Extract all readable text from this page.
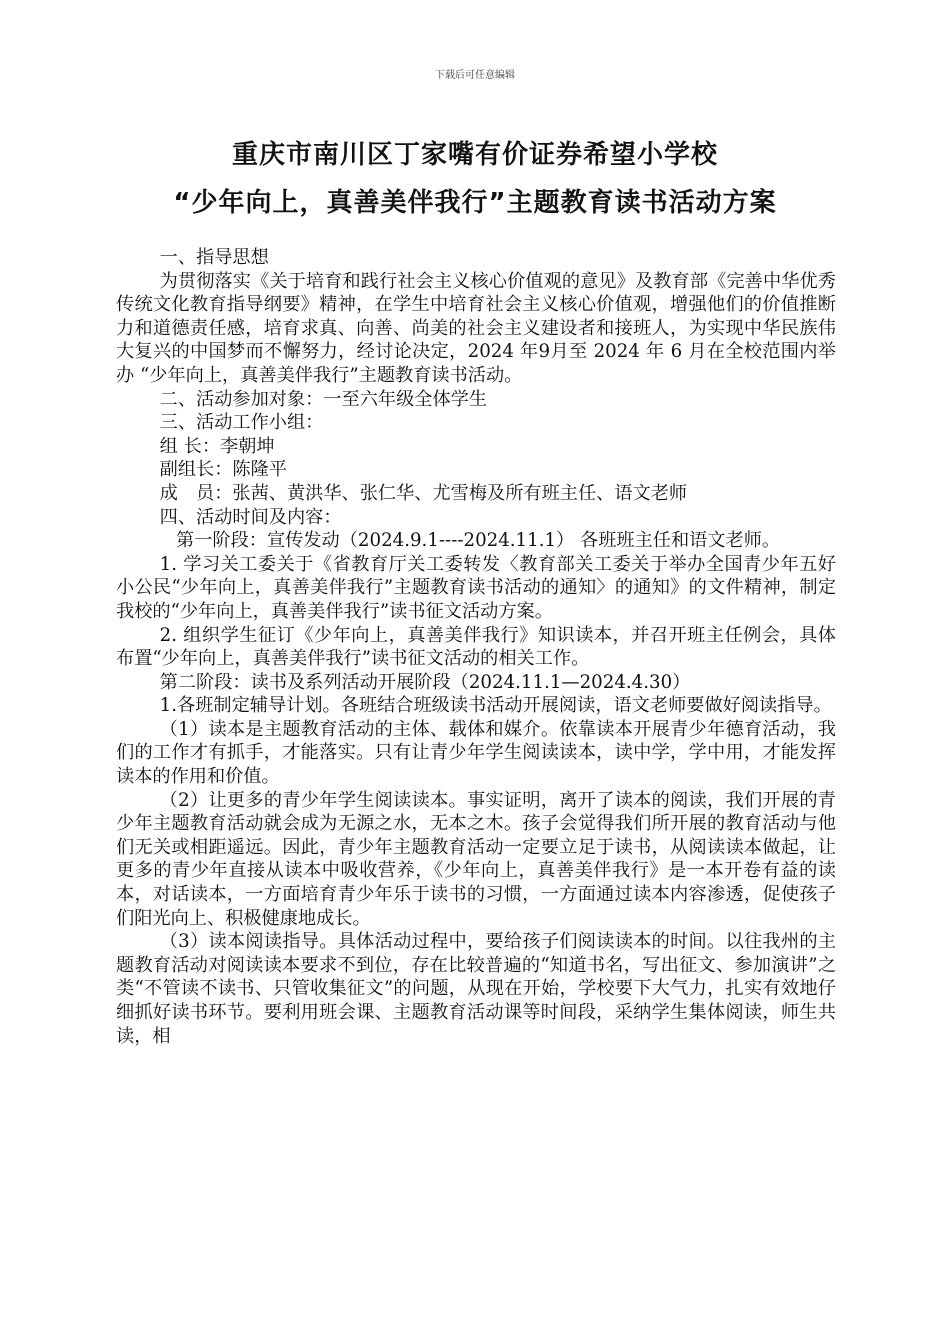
下载后可任意编辑
重庆市南川区丁家嘴有价证券希望小学校
“少年向上，真善美伴我行”主题教育读书活动方案

一、指导思想

为贯彻落实《关于培育和践行社会主义核心价值观的意见》及教育部《完善中华优秀传统文化教育指导纲要》精神，在学生中培育社会主义核心价值观，增强他们的价值推断力和道德责任感，培育求真、向善、尚美的社会主义建设者和接班人，为实现中华民族伟大复兴的中国梦而不懈努力，经讨论决定，2024 年9月至 2024 年 6 月在全校范围内举办 “少年向上，真善美伴我行”主题教育读书活动。

二、活动参加对象：一至六年级全体学生

三、活动工作小组：

组 长：李朝坤

副组长：陈隆平

成　员：张茜、黄洪华、张仁华、尤雪梅及所有班主任、语文老师

四、活动时间及内容：

第一阶段：宣传发动（2024.9.1----2024.11.1） 各班班主任和语文老师。

1. 学习关工委关于《省教育厅关工委转发〈教育部关工委关于举办全国青少年五好小公民“少年向上，真善美伴我行”主题教育读书活动的通知〉的通知》的文件精神，制定我校的“少年向上，真善美伴我行”读书征文活动方案。

2. 组织学生征订《少年向上，真善美伴我行》知识读本，并召开班主任例会，具体布置“少年向上，真善美伴我行”读书征文活动的相关工作。

第二阶段：读书及系列活动开展阶段（2024.11.1—2024.4.30）

1.各班制定辅导计划。各班结合班级读书活动开展阅读，语文老师要做好阅读指导。

（1）读本是主题教育活动的主体、载体和媒介。依靠读本开展青少年德育活动，我们的工作才有抓手，才能落实。只有让青少年学生阅读读本，读中学，学中用，才能发挥读本的作用和价值。

（2）让更多的青少年学生阅读读本。事实证明，离开了读本的阅读，我们开展的青少年主题教育活动就会成为无源之水，无本之木。孩子会觉得我们所开展的教育活动与他们无关或相距遥远。因此，青少年主题教育活动一定要立足于读书，从阅读读本做起，让更多的青少年直接从读本中吸收营养，《少年向上，真善美伴我行》是一本开卷有益的读本，对话读本，一方面培育青少年乐于读书的习惯，一方面通过读本内容渗透，促使孩子们阳光向上、积极健康地成长。

（3）读本阅读指导。具体活动过程中，要给孩子们阅读读本的时间。以往我州的主题教育活动对阅读读本要求不到位，存在比较普遍的“知道书名，写出征文、参加演讲”之类“不管读不读书、只管收集征文”的问题，从现在开始，学校要下大气力，扎实有效地仔细抓好读书环节。要利用班会课、主题教育活动课等时间段，采纳学生集体阅读，师生共读，相
